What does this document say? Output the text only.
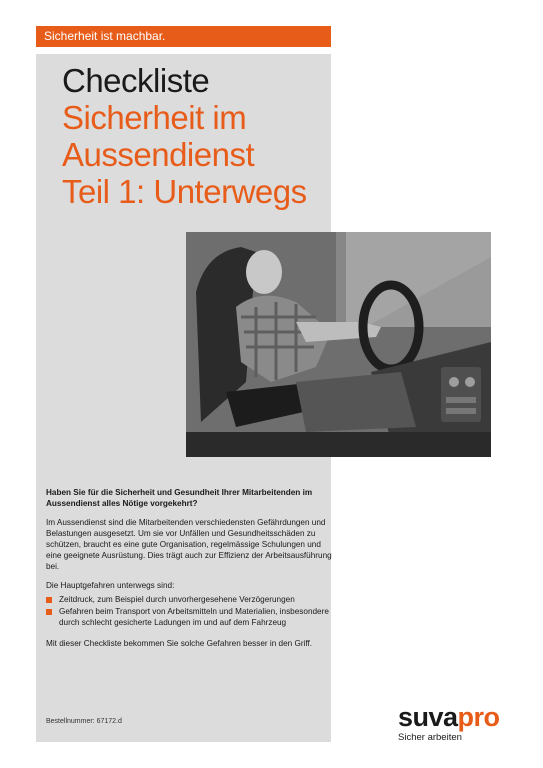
Sicherheit ist machbar.
Checkliste
Sicherheit im
Aussendienst
Teil 1: Unterwegs

Haben Sie für die Sicherheit und Gesundheit Ihrer Mitarbeitenden im Aussendienst alles Nötige vorgekehrt?

Im Aussendienst sind die Mitarbeitenden verschiedensten Gefährdungen und Belastungen ausgesetzt. Um sie vor Unfällen und Gesundheitsschäden zu schützen, braucht es eine gute Organisation, regelmässige Schulungen und eine geeignete Ausrüstung. Dies trägt auch zur Effizienz der Arbeitsausführung bei.

Die Hauptgefahren unterwegs sind:

Zeitdruck, zum Beispiel durch unvorhergesehene Verzögerungen
Gefahren beim Transport von Arbeitsmitteln und Materialien, insbesondere durch schlecht gesicherte Ladungen im und auf dem Fahrzeug

Mit dieser Checkliste bekommen Sie solche Gefahren besser in den Griff.

Bestellnummer: 67172.d	suvapro
Sicher arbeiten
